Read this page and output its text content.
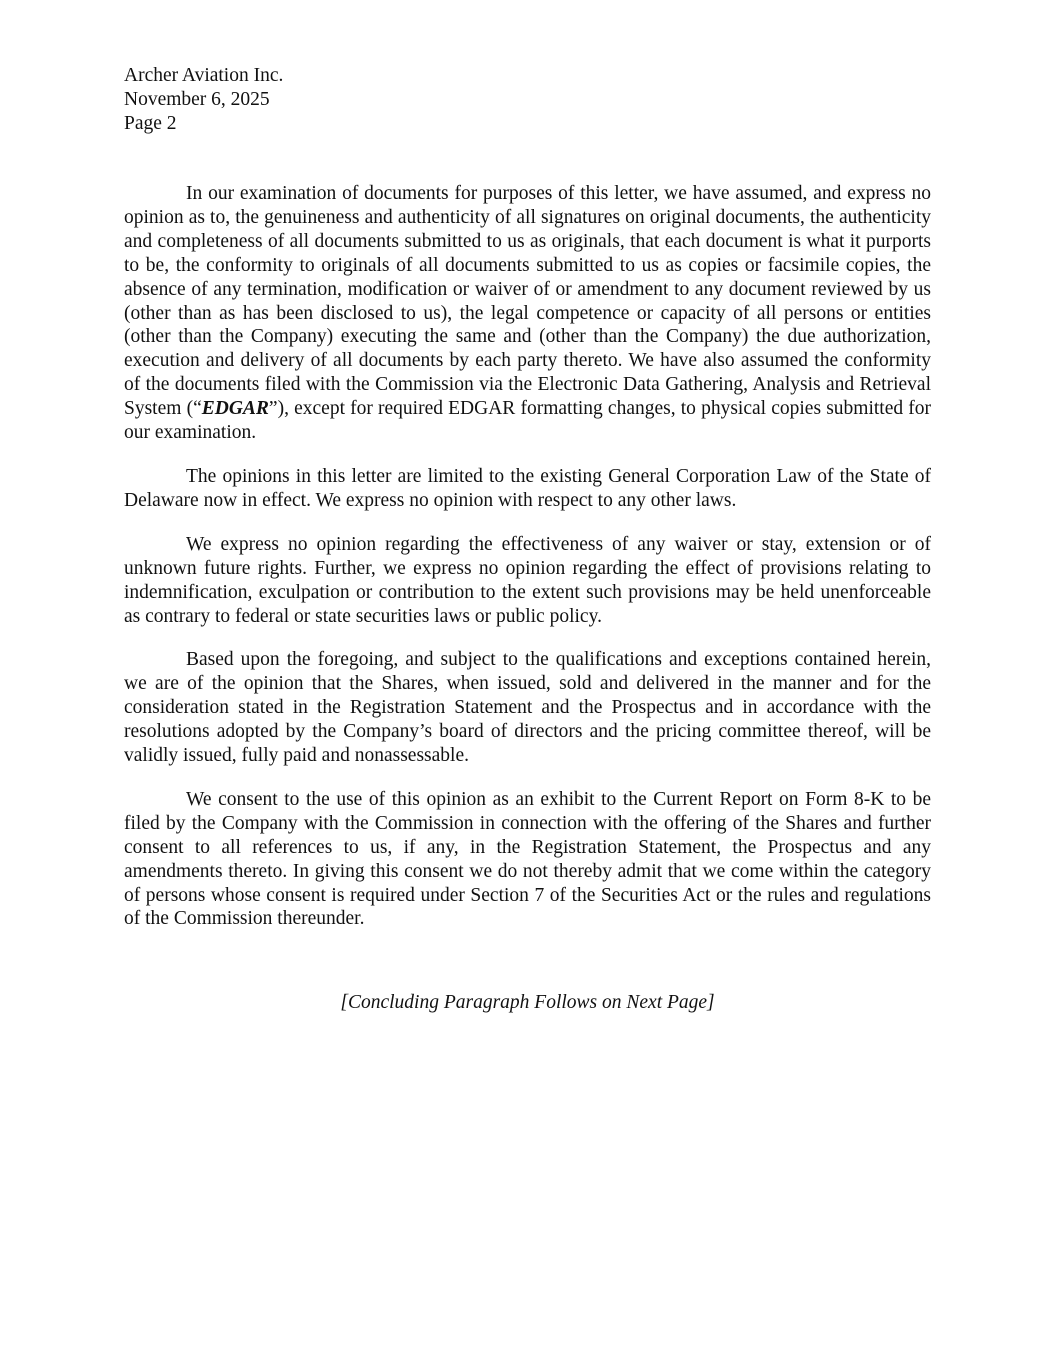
Archer Aviation Inc.
November 6, 2025
Page 2

In our examination of documents for purposes of this letter, we have assumed, and express no opinion as to, the genuineness and authenticity of all signatures on original documents, the authenticity and completeness of all documents submitted to us as originals, that each document is what it purports to be, the conformity to originals of all documents submitted to us as copies or facsimile copies, the absence of any termination, modification or waiver of or amendment to any document reviewed by us (other than as has been disclosed to us), the legal competence or capacity of all persons or entities (other than the Company) executing the same and (other than the Company) the due authorization, execution and delivery of all documents by each party thereto. We have also assumed the conformity of the documents filed with the Commission via the Electronic Data Gathering, Analysis and Retrieval System (“EDGAR”), except for required EDGAR formatting changes, to physical copies submitted for our examination.

The opinions in this letter are limited to the existing General Corporation Law of the State of Delaware now in effect. We express no opinion with respect to any other laws.

We express no opinion regarding the effectiveness of any waiver or stay, extension or of unknown future rights. Further, we express no opinion regarding the effect of provisions relating to indemnification, exculpation or contribution to the extent such provisions may be held unenforceable as contrary to federal or state securities laws or public policy.

Based upon the foregoing, and subject to the qualifications and exceptions contained herein, we are of the opinion that the Shares, when issued, sold and delivered in the manner and for the consideration stated in the Registration Statement and the Prospectus and in accordance with the resolutions adopted by the Company’s board of directors and the pricing committee thereof, will be validly issued, fully paid and nonassessable.

We consent to the use of this opinion as an exhibit to the Current Report on Form 8-K to be filed by the Company with the Commission in connection with the offering of the Shares and further consent to all references to us, if any, in the Registration Statement, the Prospectus and any amendments thereto. In giving this consent we do not thereby admit that we come within the category of persons whose consent is required under Section 7 of the Securities Act or the rules and regulations of the Commission thereunder.

[Concluding Paragraph Follows on Next Page]
